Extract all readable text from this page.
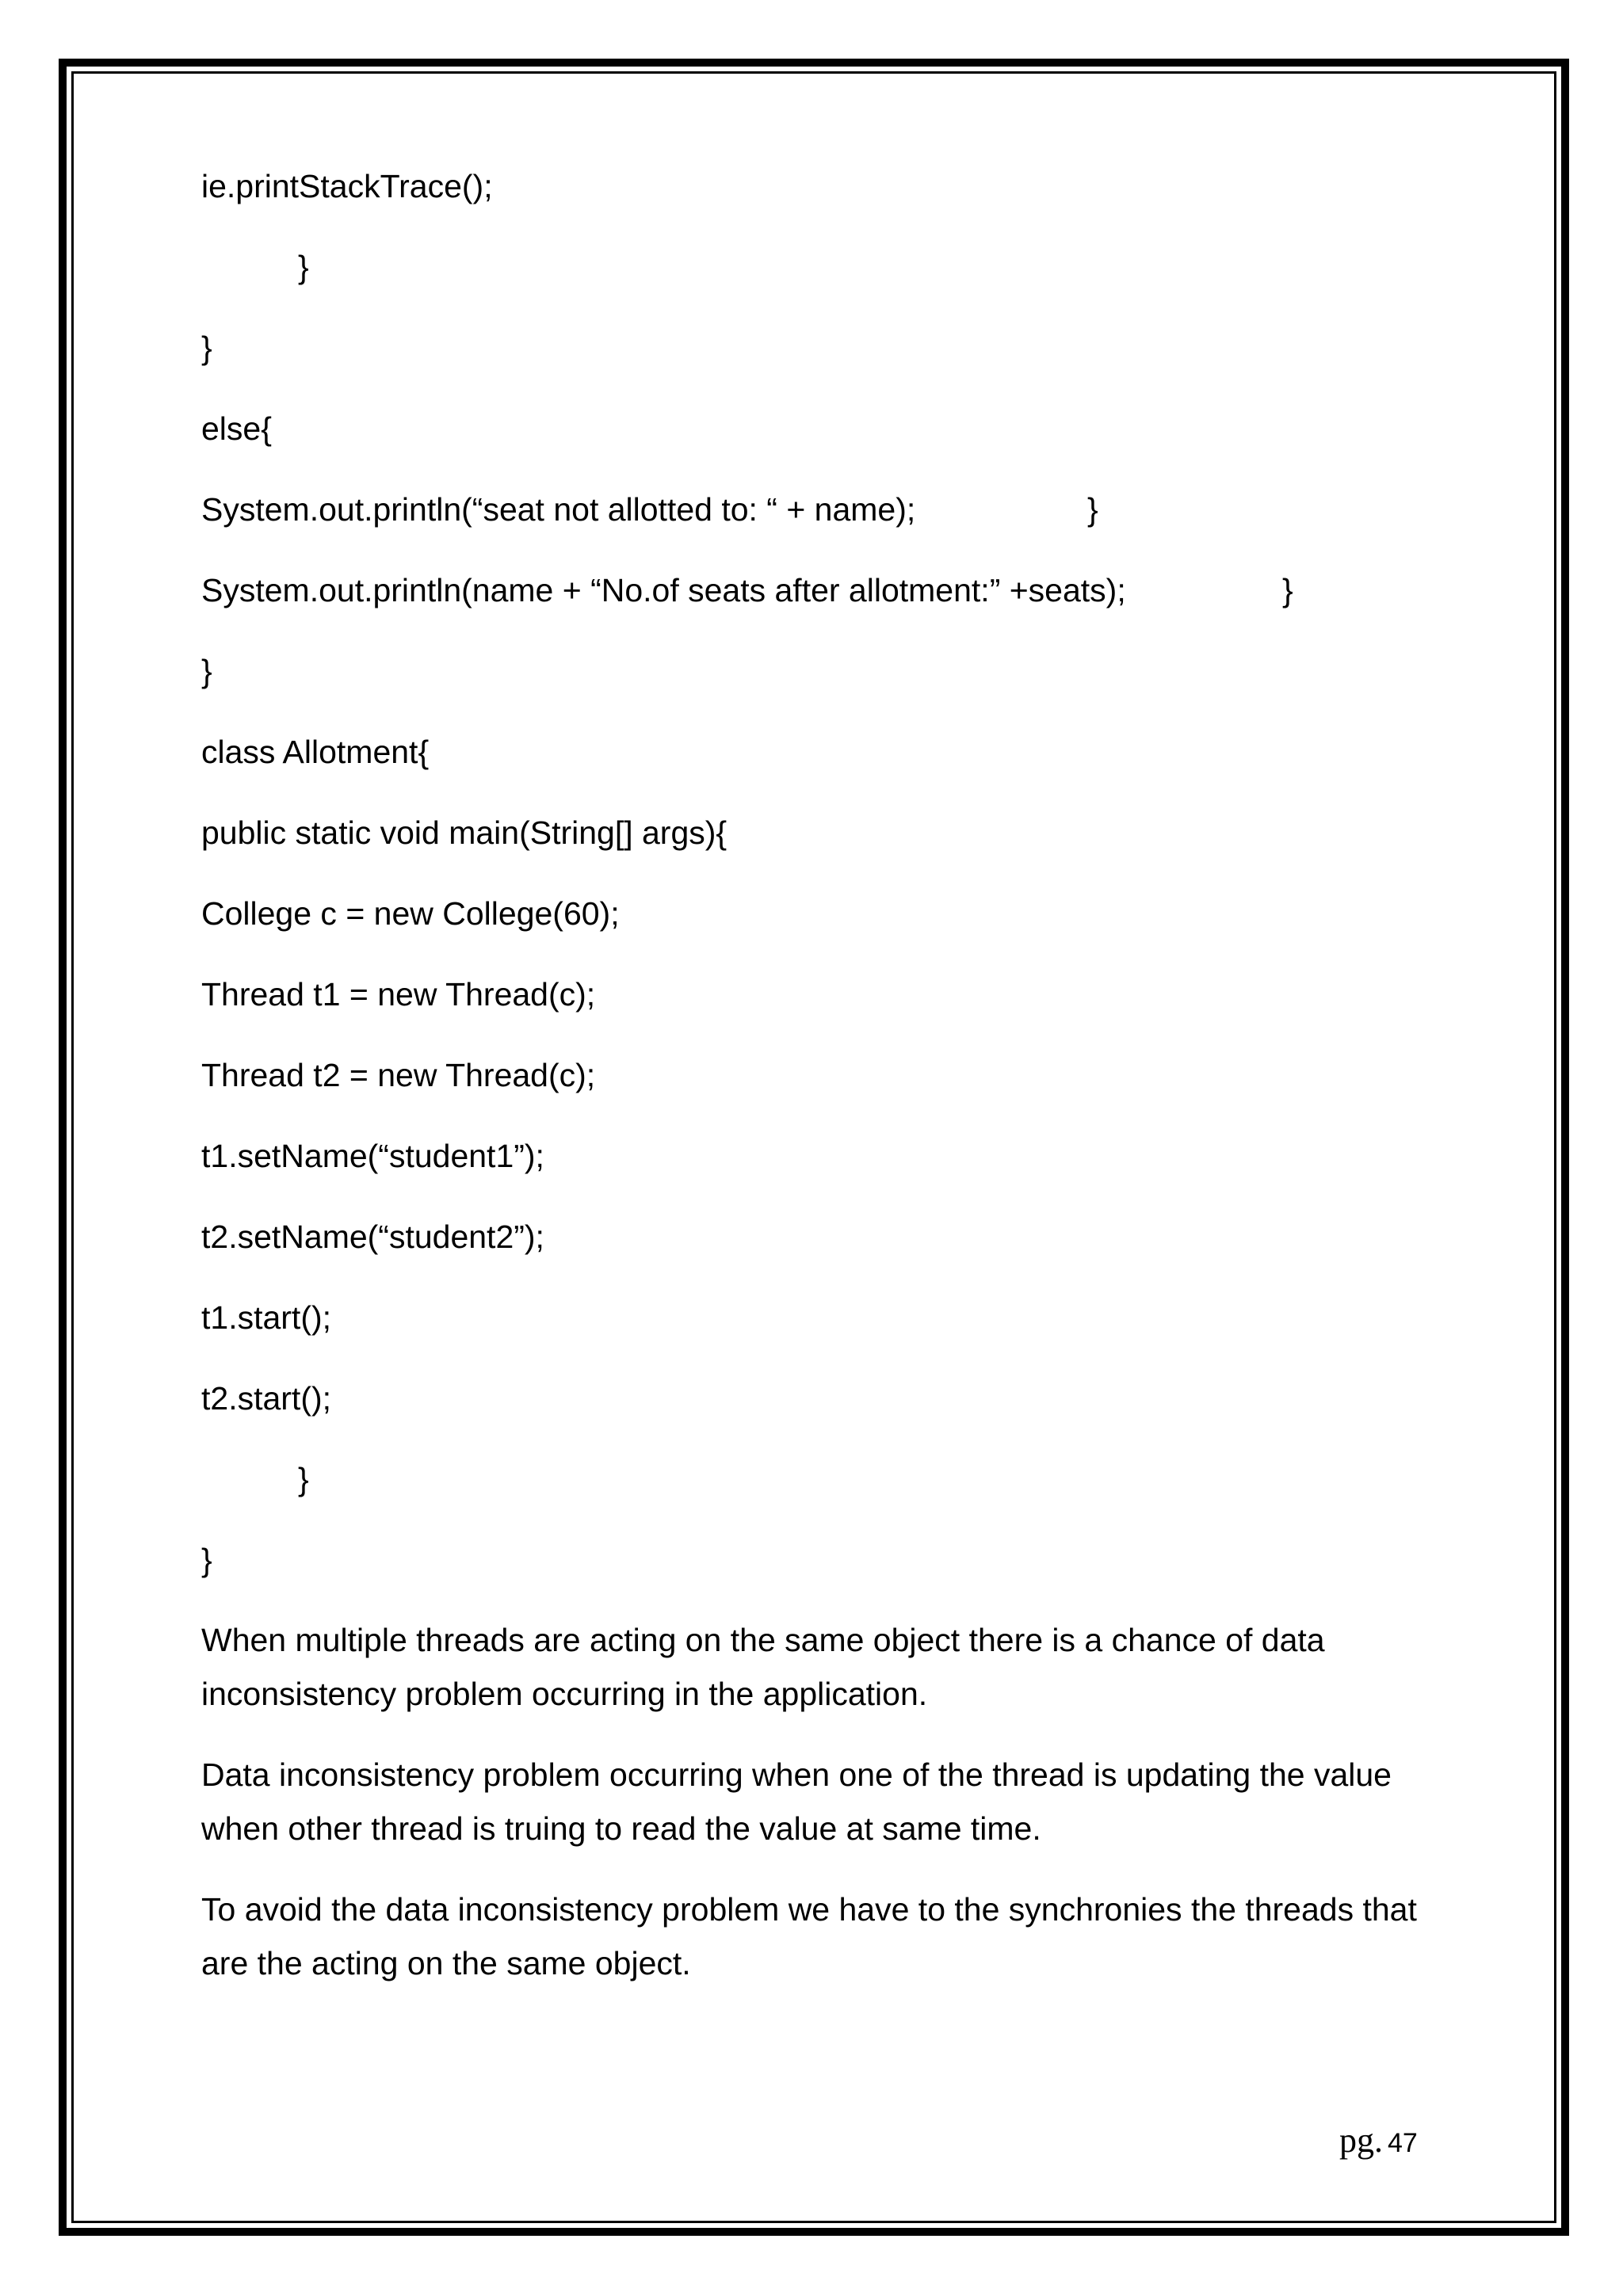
ie.printStackTrace();

}

}

else{

System.out.println(“seat not allotted to: “ + name);	}

System.out.println(name + “No.of seats after allotment:” +seats);	}

}

class Allotment{

public static void main(String[] args){

College c = new College(60);

Thread t1 = new Thread(c);

Thread t2 = new Thread(c);

t1.setName(“student1”);

t2.setName(“student2”);

t1.start();

t2.start();

}

}

When multiple threads are acting on the same object there is a chance of data inconsistency problem occurring in the application.

Data inconsistency problem occurring when one of the thread is updating the value when other thread is truing to read the value at same time.

To avoid the data inconsistency problem we have to the synchronies the threads that are the acting on the same object.

pg. 47
